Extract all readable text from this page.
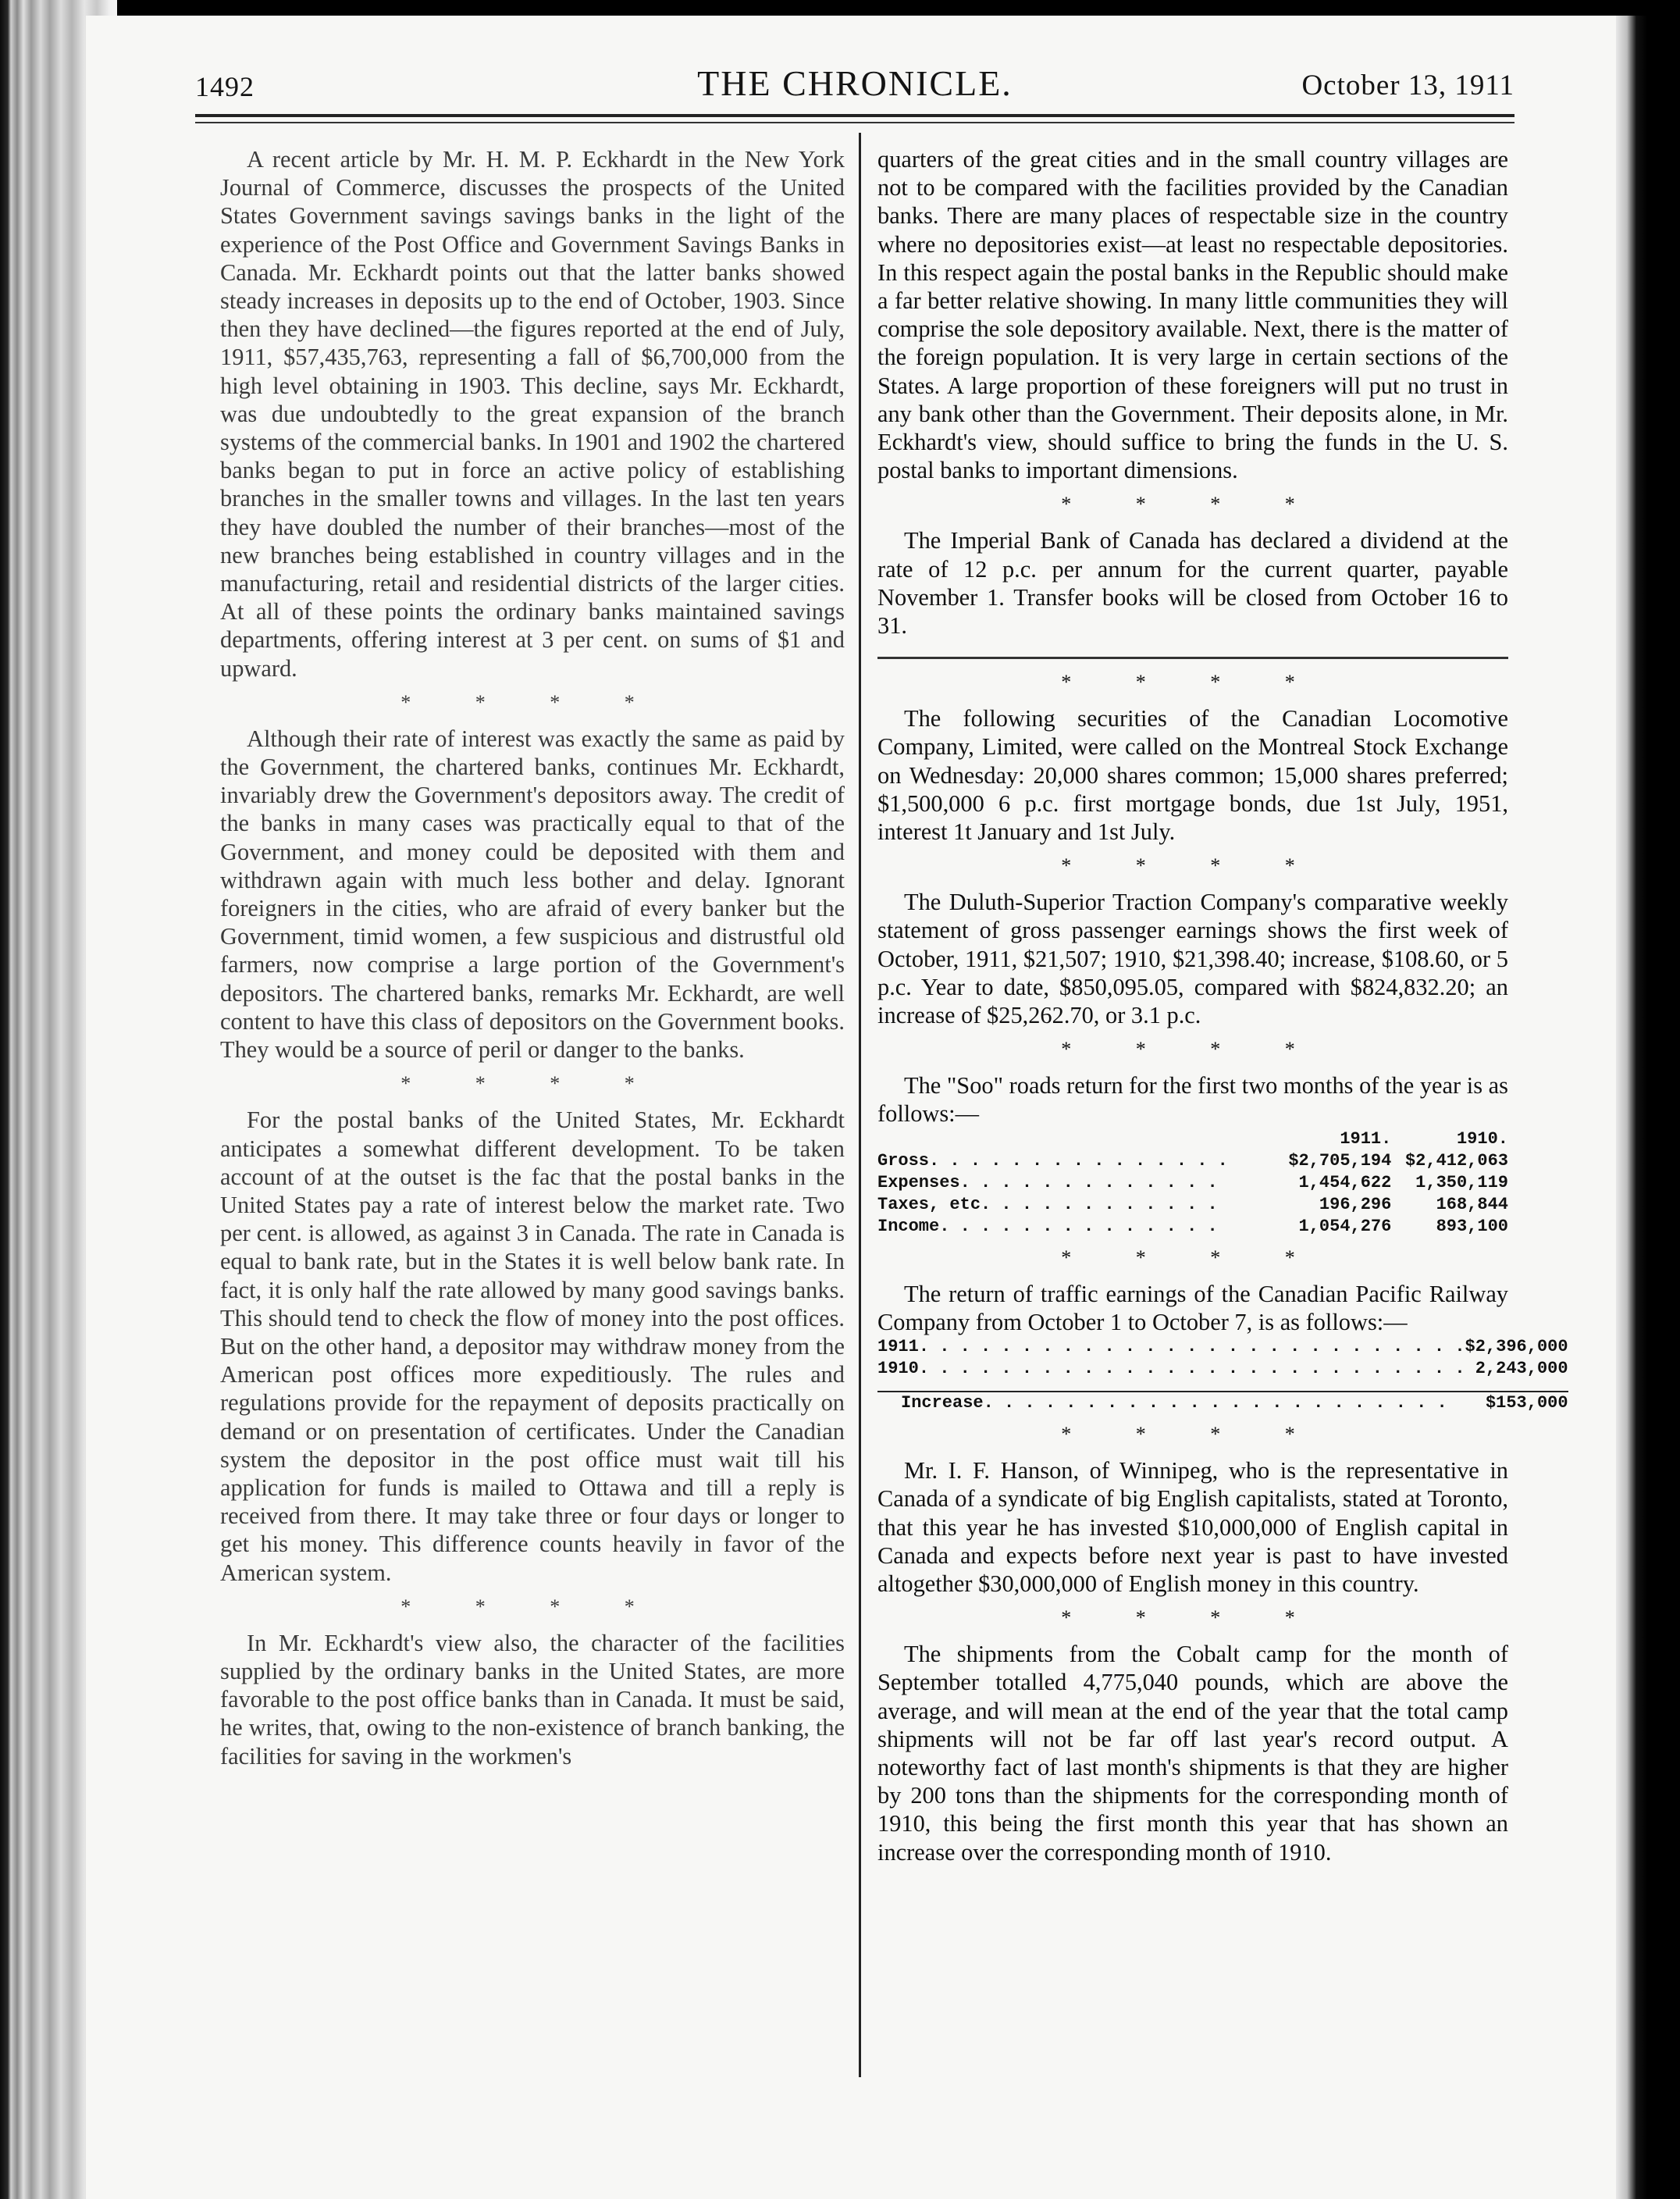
1492	THE CHRONICLE.	October 13, 1911

A recent article by Mr. H. M. P. Eckhardt in the New York Journal of Commerce, discusses the prospects of the United States Government savings savings banks in the light of the experience of the Post Office and Government Savings Banks in Canada. Mr. Eckhardt points out that the latter banks showed steady increases in deposits up to the end of October, 1903. Since then they have declined—the figures reported at the end of July, 1911, $57,435,763, representing a fall of $6,700,000 from the high level obtaining in 1903. This decline, says Mr. Eckhardt, was due undoubtedly to the great expansion of the branch systems of the commercial banks. In 1901 and 1902 the chartered banks began to put in force an active policy of establishing branches in the smaller towns and villages. In the last ten years they have doubled the number of their branches—most of the new branches being established in country villages and in the manufacturing, retail and residential districts of the larger cities. At all of these points the ordinary banks maintained savings departments, offering interest at 3 per cent. on sums of $1 and upward.

* * * *

Although their rate of interest was exactly the same as paid by the Government, the chartered banks, continues Mr. Eckhardt, invariably drew the Government's depositors away. The credit of the banks in many cases was practically equal to that of the Government, and money could be deposited with them and withdrawn again with much less bother and delay. Ignorant foreigners in the cities, who are afraid of every banker but the Government, timid women, a few suspicious and distrustful old farmers, now comprise a large portion of the Government's depositors. The chartered banks, remarks Mr. Eckhardt, are well content to have this class of depositors on the Government books. They would be a source of peril or danger to the banks.

* * * *

For the postal banks of the United States, Mr. Eckhardt anticipates a somewhat different development. To be taken account of at the outset is the fac that the postal banks in the United States pay a rate of interest below the market rate. Two per cent. is allowed, as against 3 in Canada. The rate in Canada is equal to bank rate, but in the States it is well below bank rate. In fact, it is only half the rate allowed by many good savings banks. This should tend to check the flow of money into the post offices. But on the other hand, a depositor may withdraw money from the American post offices more expeditiously. The rules and regulations provide for the repayment of deposits practically on demand or on presentation of certificates. Under the Canadian system the depositor in the post office must wait till his application for funds is mailed to Ottawa and till a reply is received from there. It may take three or four days or longer to get his money. This difference counts heavily in favor of the American system.

* * * *

In Mr. Eckhardt's view also, the character of the facilities supplied by the ordinary banks in the United States, are more favorable to the post office banks than in Canada. It must be said, he writes, that, owing to the non-existence of branch banking, the facilities for saving in the workmen's

quarters of the great cities and in the small country villages are not to be compared with the facilities provided by the Canadian banks. There are many places of respectable size in the country where no depositories exist—at least no respectable depositories. In this respect again the postal banks in the Republic should make a far better relative showing. In many little communities they will comprise the sole depository available. Next, there is the matter of the foreign population. It is very large in certain sections of the States. A large proportion of these foreigners will put no trust in any bank other than the Government. Their deposits alone, in Mr. Eckhardt's view, should suffice to bring the funds in the U. S. postal banks to important dimensions.

* * * *

The Imperial Bank of Canada has declared a dividend at the rate of 12 p.c. per annum for the current quarter, payable November 1. Transfer books will be closed from October 16 to 31.

* * * *

The following securities of the Canadian Locomotive Company, Limited, were called on the Montreal Stock Exchange on Wednesday: 20,000 shares common; 15,000 shares preferred; $1,500,000 6 p.c. first mortgage bonds, due 1st July, 1951, interest 1t January and 1st July.

* * * *

The Duluth-Superior Traction Company's comparative weekly statement of gross passenger earnings shows the first week of October, 1911, $21,507; 1910, $21,398.40; increase, $108.60, or 5 p.c. Year to date, $850,095.05, compared with $824,832.20; an increase of $25,262.70, or 3.1 p.c.

* * * *

The "Soo" roads return for the first two months of the year is as follows:—

	1911.	1910.
Gross. . . . . . . . . . . . . . .	$2,705,194	$2,412,063
Expenses. . . . . . . . . . . . .	1,454,622	1,350,119
Taxes, etc. . . . . . . . . . . .	196,296	168,844
Income. . . . . . . . . . . . . .	1,054,276	893,100
* * * *

The return of traffic earnings of the Canadian Pacific Railway Company from October 1 to October 7, is as follows:—

1911. . . . . . . . . . . . . . . . . . . . . . . . . . .	$2,396,000
1910. . . . . . . . . . . . . . . . . . . . . . . . . . .	2,243,000

Increase. . . . . . . . . . . . . . . . . . . . . . .	$153,000
* * * *

Mr. I. F. Hanson, of Winnipeg, who is the representative in Canada of a syndicate of big English capitalists, stated at Toronto, that this year he has invested $10,000,000 of English capital in Canada and expects before next year is past to have invested altogether $30,000,000 of English money in this country.

* * * *

The shipments from the Cobalt camp for the month of September totalled 4,775,040 pounds, which are above the average, and will mean at the end of the year that the total camp shipments will not be far off last year's record output. A noteworthy fact of last month's shipments is that they are higher by 200 tons than the shipments for the corresponding month of 1910, this being the first month this year that has shown an increase over the corresponding month of 1910.
